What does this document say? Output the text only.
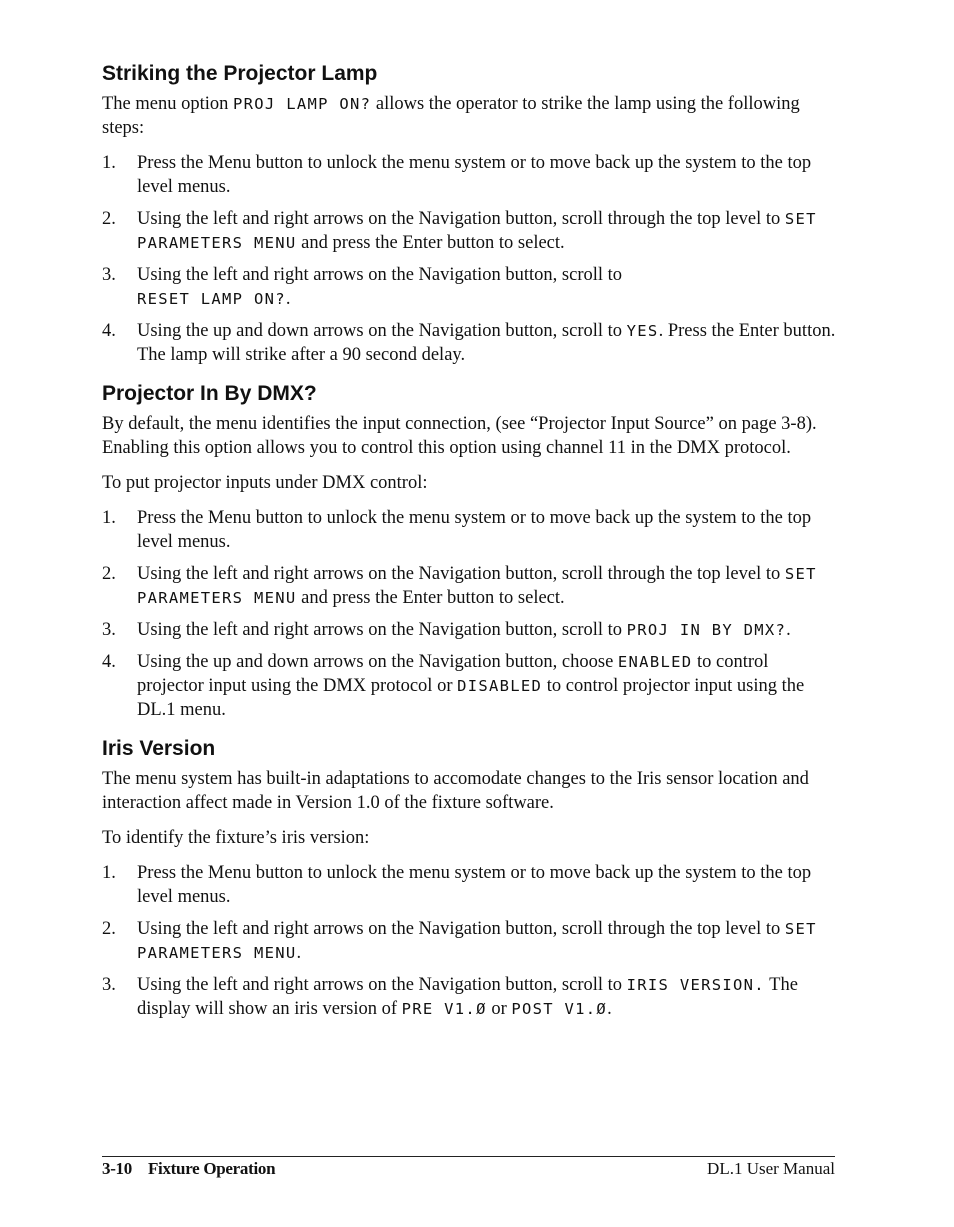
Striking the Projector Lamp

The menu option PROJ LAMP ON? allows the operator to strike the lamp using the following steps:

1. Press the Menu button to unlock the menu system or to move back up the system to the top level menus.
2. Using the left and right arrows on the Navigation button, scroll through the top level to SET PARAMETERS MENU and press the Enter button to select.
3. Using the left and right arrows on the Navigation button, scroll to
RESET LAMP ON?.
4. Using the up and down arrows on the Navigation button, scroll to YES. Press the Enter button. The lamp will strike after a 90 second delay.
Projector In By DMX?

By default, the menu identifies the input connection, (see “Projector Input Source” on page 3-8). Enabling this option allows you to control this option using channel 11 in the DMX protocol.

To put projector inputs under DMX control:

1. Press the Menu button to unlock the menu system or to move back up the system to the top level menus.
2. Using the left and right arrows on the Navigation button, scroll through the top level to SET PARAMETERS MENU and press the Enter button to select.
3. Using the left and right arrows on the Navigation button, scroll to PROJ IN BY DMX?.
4. Using the up and down arrows on the Navigation button, choose ENABLED to control projector input using the DMX protocol or DISABLED to control projector input using the DL.1 menu.
Iris Version

The menu system has built-in adaptations to accomodate changes to the Iris sensor location and interaction affect made in Version 1.0 of the fixture software.

To identify the fixture’s iris version:

1. Press the Menu button to unlock the menu system or to move back up the system to the top level menus.
2. Using the left and right arrows on the Navigation button, scroll through the top level to SET PARAMETERS MENU.
3. Using the left and right arrows on the Navigation button, scroll to IRIS VERSION. The display will show an iris version of PRE V1.Ø or POST V1.Ø.
3-10 Fixture Operation	DL.1 User Manual
